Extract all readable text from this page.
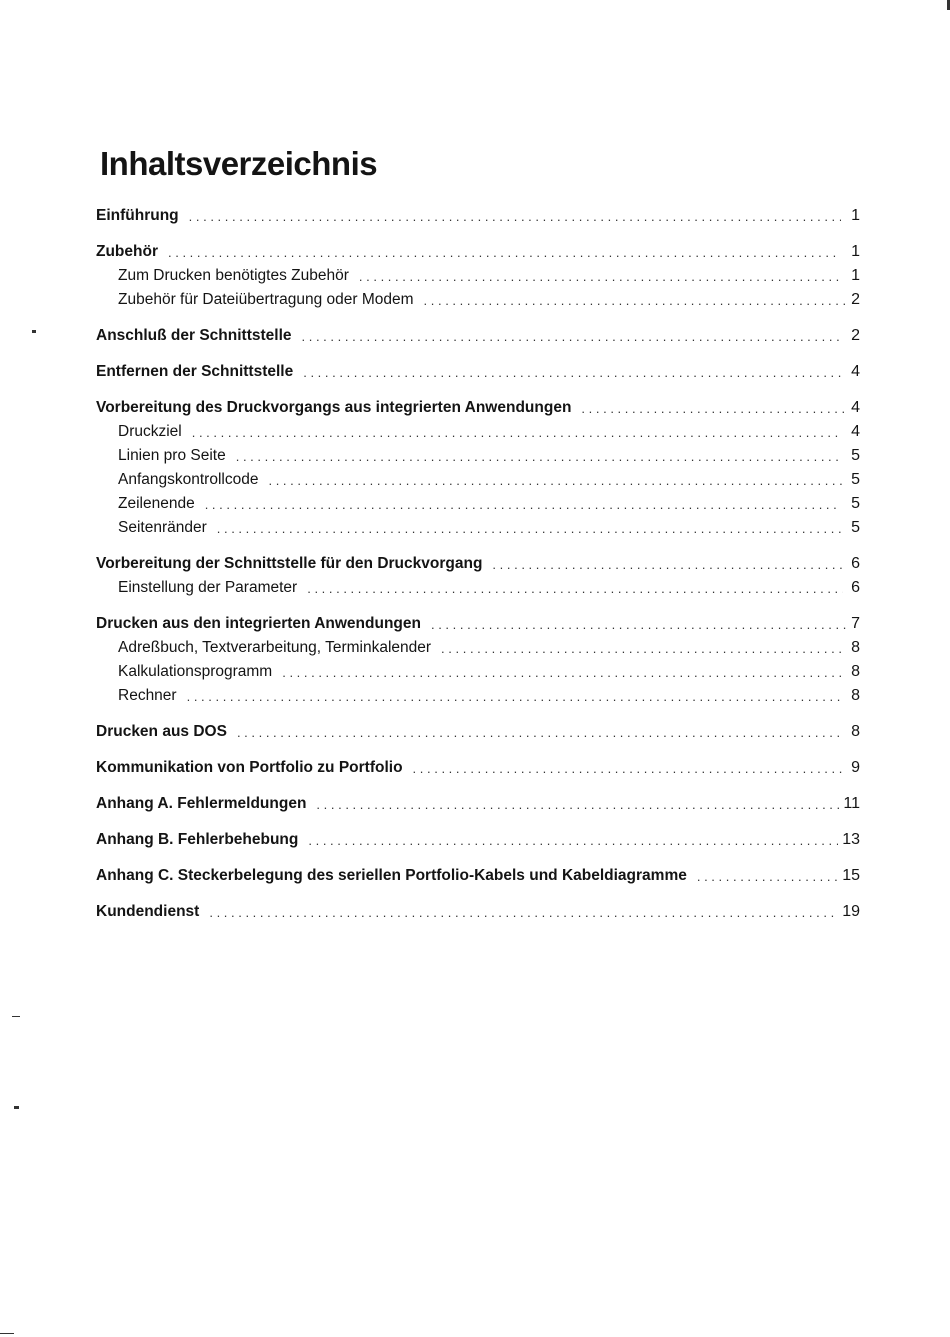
Inhaltsverzeichnis
Einführung . . .	1
Zubehör . . .	1
Zum Drucken benötigtes Zubehör . . .	1
Zubehör für Dateiübertragung oder Modem . . .	2
Anschluß der Schnittstelle . . .	2
Entfernen der Schnittstelle . . .	4
Vorbereitung des Druckvorgangs aus integrierten Anwendungen . . .	4
Druckziel . . .	4
Linien pro Seite . . .	5
Anfangskontrollcode . . .	5
Zeilenende . . .	5
Seitenränder . . .	5
Vorbereitung der Schnittstelle für den Druckvorgang . . .	6
Einstellung der Parameter . . .	6
Drucken aus den integrierten Anwendungen . . .	7
Adreßbuch, Textverarbeitung, Terminkalender . . .	8
Kalkulationsprogramm . . .	8
Rechner . . .	8
Drucken aus DOS . . .	8
Kommunikation von Portfolio zu Portfolio . . .	9
Anhang A. Fehlermeldungen . . .	11
Anhang B. Fehlerbehebung . . .	13
Anhang C. Steckerbelegung des seriellen Portfolio-Kabels und Kabeldiagramme . . .	15
Kundendienst . . .	19
